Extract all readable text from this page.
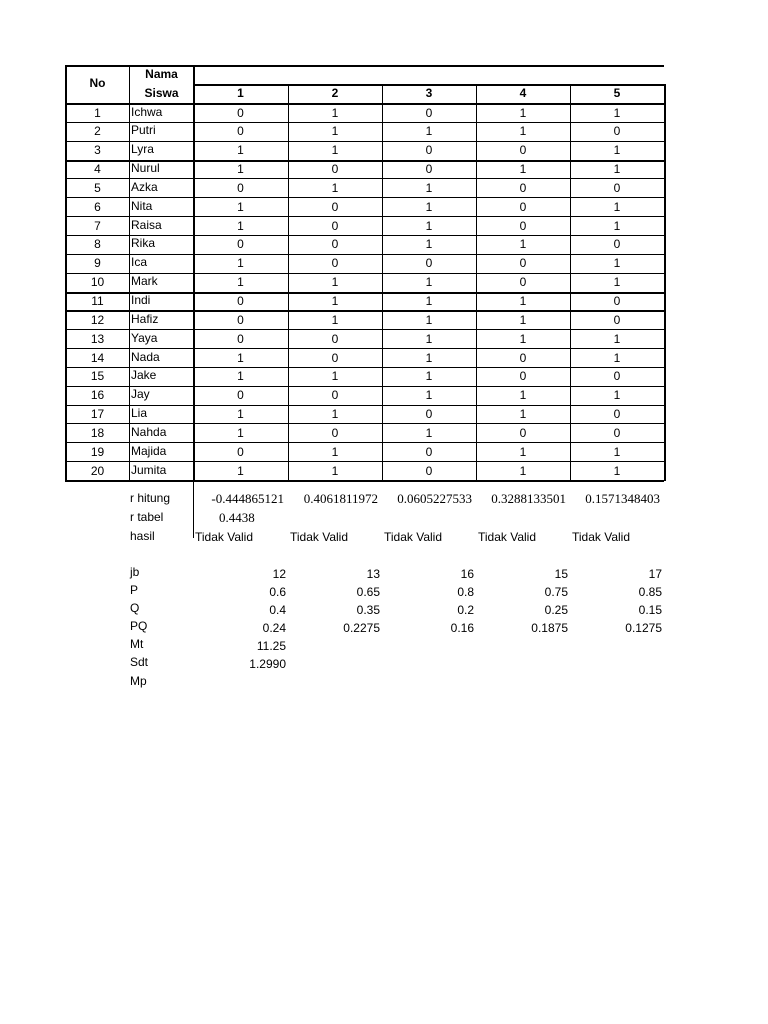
No
Nama
Siswa	1	2	3	4	5
1	Ichwa	0	1	0	1	1
2	Putri	0	1	1	1	0
3	Lyra	1	1	0	0	1
4	Nurul	1	0	0	1	1
5	Azka	0	1	1	0	0
6	Nita	1	0	1	0	1
7	Raisa	1	0	1	0	1
8	Rika	0	0	1	1	0
9	Ica	1	0	0	0	1
10	Mark	1	1	1	0	1
11	Indi	0	1	1	1	0
12	Hafiz	0	1	1	1	0
13	Yaya	0	0	1	1	1
14	Nada	1	0	1	0	1
15	Jake	1	1	1	0	0
16	Jay	0	0	1	1	1
17	Lia	1	1	0	1	0
18	Nahda	1	0	1	0	0
19	Majida	0	1	0	1	1
20	Jumita	1	1	0	1	1
r hitung	-0.444865121	0.4061811972	0.0605227533	0.3288133501	0.1571348403
r tabel	0.4438
hasil	Tidak Valid	Tidak Valid	Tidak Valid	Tidak Valid	Tidak Valid
jb	12	13	16	15	17
P	0.6	0.65	0.8	0.75	0.85
Q	0.4	0.35	0.2	0.25	0.15
PQ	0.24	0.2275	0.16	0.1875	0.1275
Mt	11.25
Sdt	1.2990
Mp
